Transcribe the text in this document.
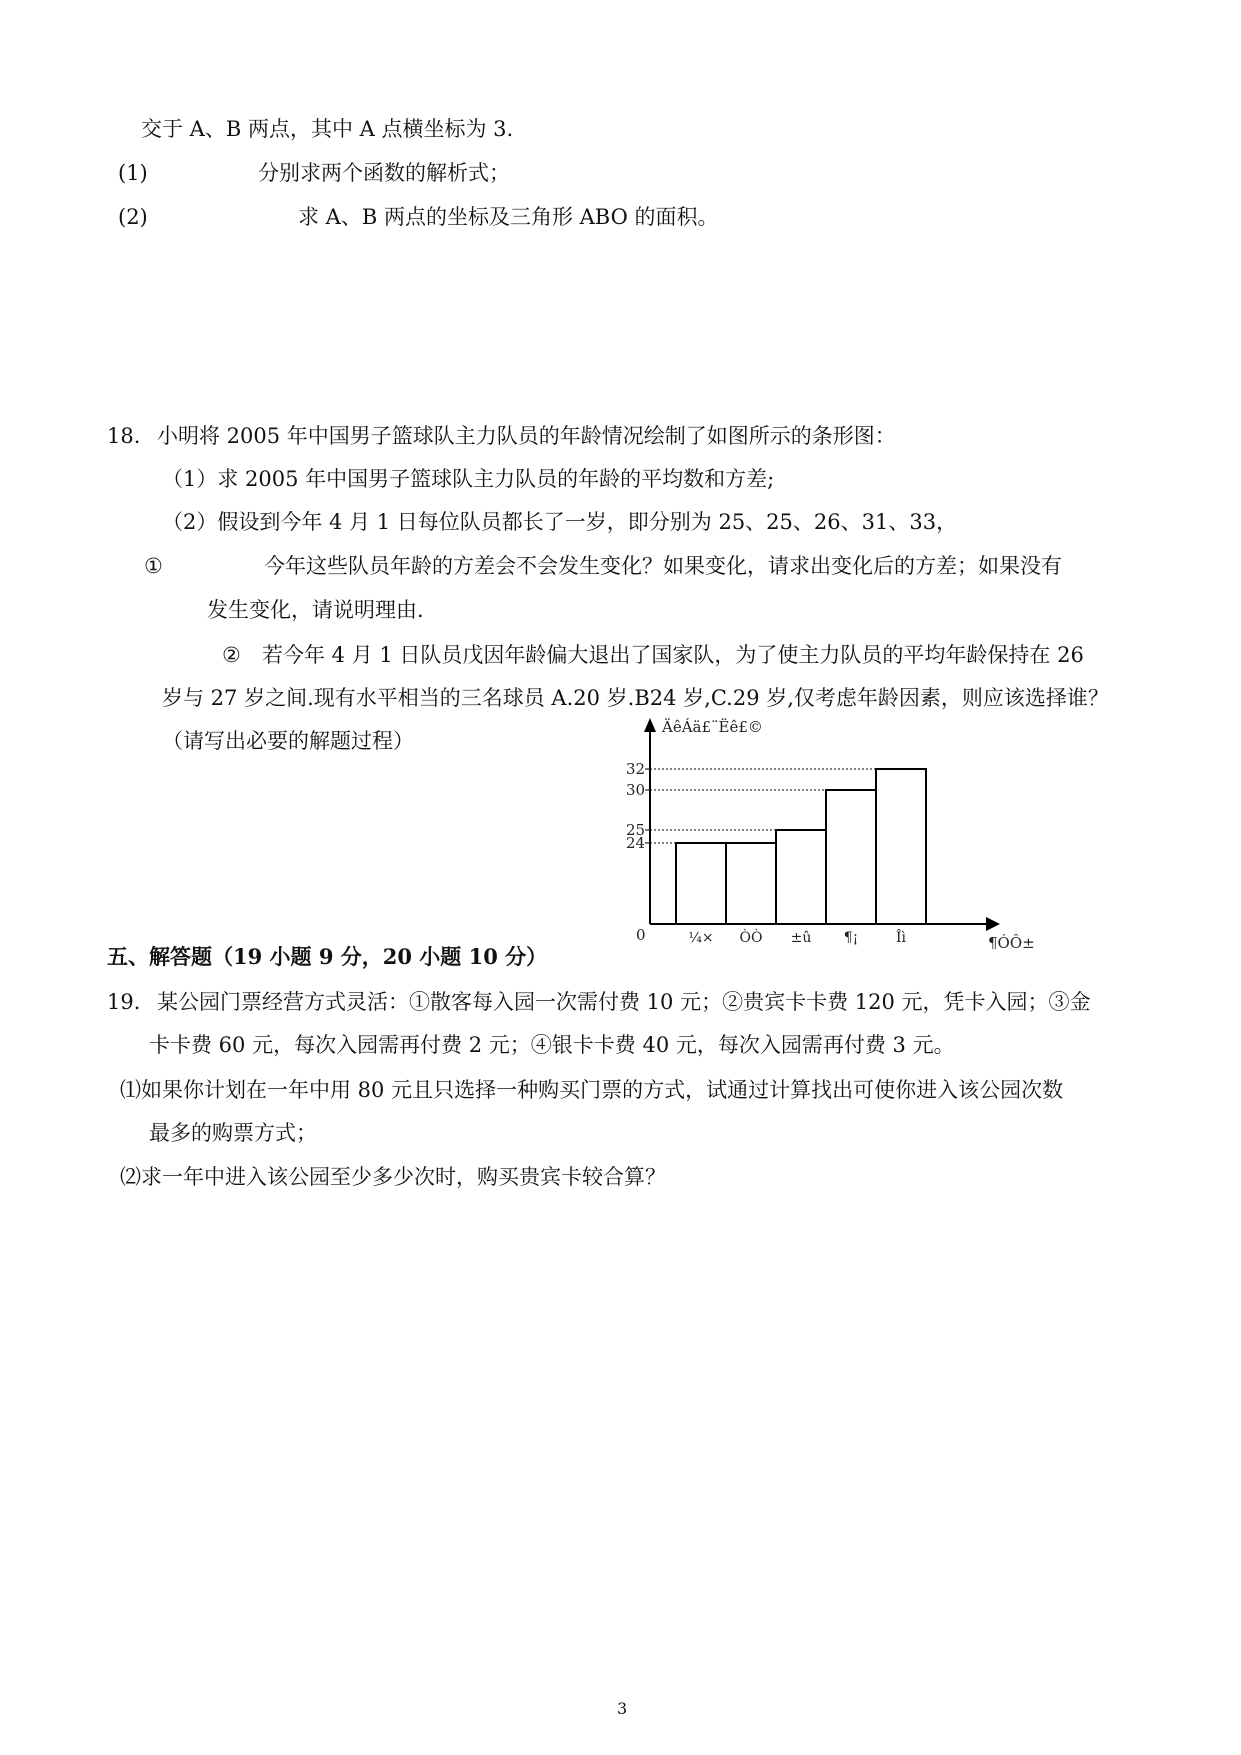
交于 A、B 两点，其中 A 点横坐标为 3.
(1)	分别求两个函数的解析式；
(2)	求 A、B 两点的坐标及三角形 ABO 的面积。
18. 小明将 2005 年中国男子篮球队主力队员的年龄情况绘制了如图所示的条形图：
（1）求 2005 年中国男子篮球队主力队员的年龄的平均数和方差;
（2）假设到今年 4 月 1 日每位队员都长了一岁，即分别为 25、25、26、31、33，
①	今年这些队员年龄的方差会不会发生变化？如果变化，请求出变化后的方差；如果没有
发生变化，请说明理由.
② 若今年 4 月 1 日队员戊因年龄偏大退出了国家队，为了使主力队员的平均年龄保持在 26
岁与 27 岁之间.现有水平相当的三名球员 A.20 岁.B24 岁,C.29 岁,仅考虑年龄因素，则应该选择谁？
（请写出必要的解题过程）
24
25
30
32
¼× ÒÒ ±û ¶¡	Îì
ÄêÁä£¨Ëê£©
¶ÓÔ±
0
五、解答题（19 小题 9 分，20 小题 10 分）
19. 某公园门票经营方式灵活：①散客每入园一次需付费 10 元；②贵宾卡卡费 120 元，凭卡入园；③金
卡卡费 60 元，每次入园需再付费 2 元；④银卡卡费 40 元，每次入园需再付费 3 元。
⑴如果你计划在一年中用 80 元且只选择一种购买门票的方式，试通过计算找出可使你进入该公园次数
最多的购票方式；
⑵求一年中进入该公园至少多少次时，购买贵宾卡较合算？
3
